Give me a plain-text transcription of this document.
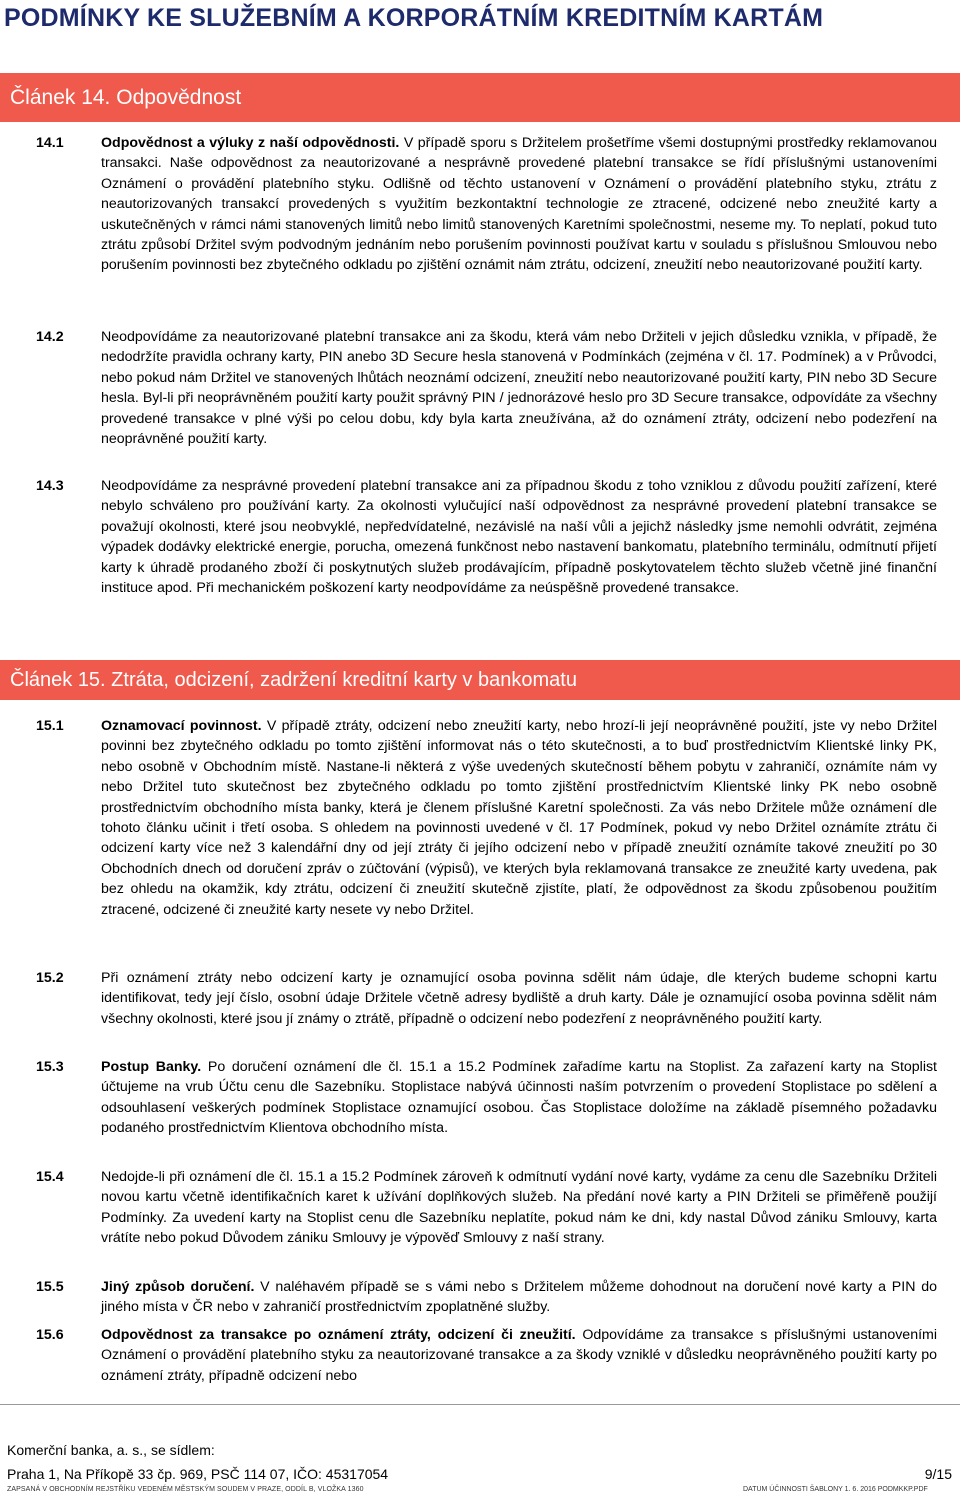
PODMÍNKY KE SLUŽEBNÍM A KORPORÁTNÍM KREDITNÍM KARTÁM
Článek 14. Odpovědnost
14.1	Odpovědnost a výluky z naší odpovědnosti. V případě sporu s Držitelem prošetříme všemi dostupnými prostředky reklamovanou transakci. Naše odpovědnost za neautorizované a nesprávně provedené platební transakce se řídí příslušnými ustanoveními Oznámení o provádění platebního styku. Odlišně od těchto ustanovení v Oznámení o provádění platebního styku, ztrátu z neautorizovaných transakcí provedených s využitím bezkontaktní technologie ze ztracené, odcizené nebo zneužité karty a uskutečněných v rámci námi stanovených limitů nebo limitů stanovených Karetními společnostmi, neseme my. To neplatí, pokud tuto ztrátu způsobí Držitel svým podvodným jednáním nebo porušením povinnosti používat kartu v souladu s příslušnou Smlouvou nebo porušením povinnosti bez zbytečného odkladu po zjištění oznámit nám ztrátu, odcizení, zneužití nebo neautorizované použití karty.
14.2	Neodpovídáme za neautorizované platební transakce ani za škodu, která vám nebo Držiteli v jejich důsledku vznikla, v případě, že nedodržíte pravidla ochrany karty, PIN anebo 3D Secure hesla stanovená v Podmínkách (zejména v čl. 17. Podmínek) a v Průvodci, nebo pokud nám Držitel ve stanovených lhůtách neoznámí odcizení, zneužití nebo neautorizované použití karty, PIN nebo 3D Secure hesla. Byl-li při neoprávněném použití karty použit správný PIN / jednorázové heslo pro 3D Secure transakce, odpovídáte za všechny provedené transakce v plné výši po celou dobu, kdy byla karta zneužívána, až do oznámení ztráty, odcizení nebo podezření na neoprávněné použití karty.
14.3	Neodpovídáme za nesprávné provedení platební transakce ani za případnou škodu z toho vzniklou z důvodu použití zařízení, které nebylo schváleno pro používání karty. Za okolnosti vylučující naší odpovědnost za nesprávné provedení platební transakce se považují okolnosti, které jsou neobvyklé, nepředvídatelné, nezávislé na naší vůli a jejichž následky jsme nemohli odvrátit, zejména výpadek dodávky elektrické energie, porucha, omezená funkčnost nebo nastavení bankomatu, platebního terminálu, odmítnutí přijetí karty k úhradě prodaného zboží či poskytnutých služeb prodávajícím, případně poskytovatelem těchto služeb včetně jiné finanční instituce apod. Při mechanickém poškození karty neodpovídáme za neúspěšně provedené transakce.
Článek 15. Ztráta, odcizení, zadržení kreditní karty v bankomatu
15.1	Oznamovací povinnost. V případě ztráty, odcizení nebo zneužití karty, nebo hrozí-li její neoprávněné použití, jste vy nebo Držitel povinni bez zbytečného odkladu po tomto zjištění informovat nás o této skutečnosti, a to buď prostřednictvím Klientské linky PK, nebo osobně v Obchodním místě. Nastane-li některá z výše uvedených skutečností během pobytu v zahraničí, oznámíte nám vy nebo Držitel tuto skutečnost bez zbytečného odkladu po tomto zjištění prostřednictvím Klientské linky PK nebo osobně prostřednictvím obchodního místa banky, která je členem příslušné Karetní společnosti. Za vás nebo Držitele může oznámení dle tohoto článku učinit i třetí osoba. S ohledem na povinnosti uvedené v čl. 17 Podmínek, pokud vy nebo Držitel oznámíte ztrátu či odcizení karty více než 3 kalendářní dny od její ztráty či jejího odcizení nebo v případě zneužití oznámíte takové zneužití po 30 Obchodních dnech od doručení zpráv o zúčtování (výpisů), ve kterých byla reklamovaná transakce ze zneužité karty uvedena, pak bez ohledu na okamžik, kdy ztrátu, odcizení či zneužití skutečně zjistíte, platí, že odpovědnost za škodu způsobenou použitím ztracené, odcizené či zneužité karty nesete vy nebo Držitel.
15.2	Při oznámení ztráty nebo odcizení karty je oznamující osoba povinna sdělit nám údaje, dle kterých budeme schopni kartu identifikovat, tedy její číslo, osobní údaje Držitele včetně adresy bydliště a druh karty. Dále je oznamující osoba povinna sdělit nám všechny okolnosti, které jsou jí známy o ztrátě, případně o odcizení nebo podezření z neoprávněného použití karty.
15.3	Postup Banky. Po doručení oznámení dle čl. 15.1 a 15.2 Podmínek zařadíme kartu na Stoplist. Za zařazení karty na Stoplist účtujeme na vrub Účtu cenu dle Sazebníku. Stoplistace nabývá účinnosti naším potvrzením o provedení Stoplistace po sdělení a odsouhlasení veškerých podmínek Stoplistace oznamující osobou. Čas Stoplistace doložíme na základě písemného požadavku podaného prostřednictvím Klientova obchodního místa.
15.4	Nedojde-li při oznámení dle čl. 15.1 a 15.2 Podmínek zároveň k odmítnutí vydání nové karty, vydáme za cenu dle Sazebníku Držiteli novou kartu včetně identifikačních karet k užívání doplňkových služeb. Na předání nové karty a PIN Držiteli se přiměřeně použijí Podmínky. Za uvedení karty na Stoplist cenu dle Sazebníku neplatíte, pokud nám ke dni, kdy nastal Důvod zániku Smlouvy, karta vrátíte nebo pokud Důvodem zániku Smlouvy je výpověď Smlouvy z naší strany.
15.5	Jiný způsob doručení. V naléhavém případě se s vámi nebo s Držitelem můžeme dohodnout na doručení nové karty a PIN do jiného místa v ČR nebo v zahraničí prostřednictvím zpoplatněné služby.
15.6	Odpovědnost za transakce po oznámení ztráty, odcizení či zneužití. Odpovídáme za transakce s příslušnými ustanoveními Oznámení o provádění platebního styku za neautorizované transakce a za škody vzniklé v důsledku neoprávněného použití karty po oznámení ztráty, případně odcizení nebo
Komerční banka, a. s., se sídlem:
Praha 1, Na Příkopě 33 čp. 969, PSČ 114 07, IČO: 45317054	9/15
ZAPSANÁ V OBCHODNÍM REJSTŘÍKU VEDENÉM MĚSTSKÝM SOUDEM V PRAZE, ODDÍL B, VLOŽKA 1360	DATUM ÚČINNOSTI ŠABLONY 1. 6. 2016 PODMKKP.PDF
